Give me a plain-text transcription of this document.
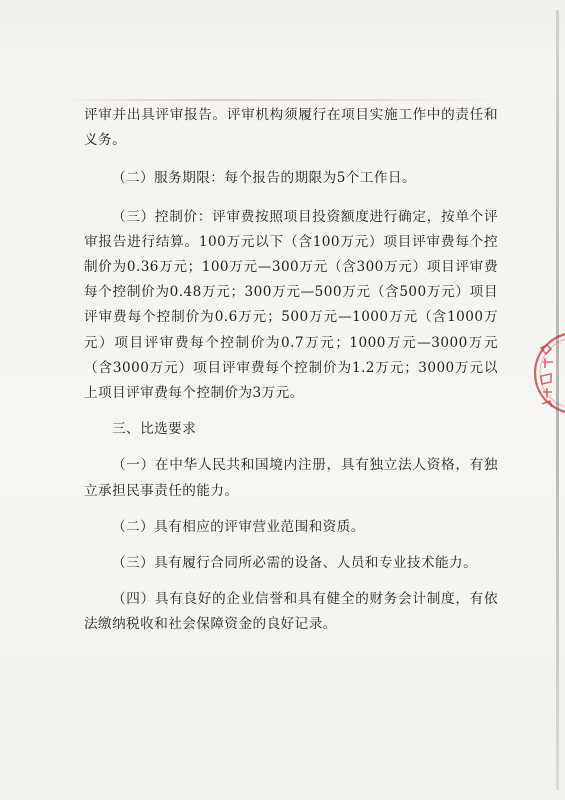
评审并出具评审报告。评审机构须履行在项目实施工作中的责任和义务。

（二）服务期限：每个报告的期限为5个工作日。

（三）控制价：评审费按照项目投资额度进行确定，按单个评审报告进行结算。100万元以下（含100万元）项目评审费每个控制价为0.36万元；100万元—300万元（含300万元）项目评审费每个控制价为0.48万元；300万元—500万元（含500万元）项目评审费每个控制价为0.6万元；500万元—1000万元（含1000万元）项目评审费每个控制价为0.7万元；1000万元—3000万元（含3000万元）项目评审费每个控制价为1.2万元；3000万元以上项目评审费每个控制价为3万元。

三、比选要求

（一）在中华人民共和国境内注册，具有独立法人资格，有独立承担民事责任的能力。

（二）具有相应的评审营业范围和资质。

（三）具有履行合同所必需的设备、人员和专业技术能力。

（四）具有良好的企业信誉和具有健全的财务会计制度，有依法缴纳税收和社会保障资金的良好记录。
